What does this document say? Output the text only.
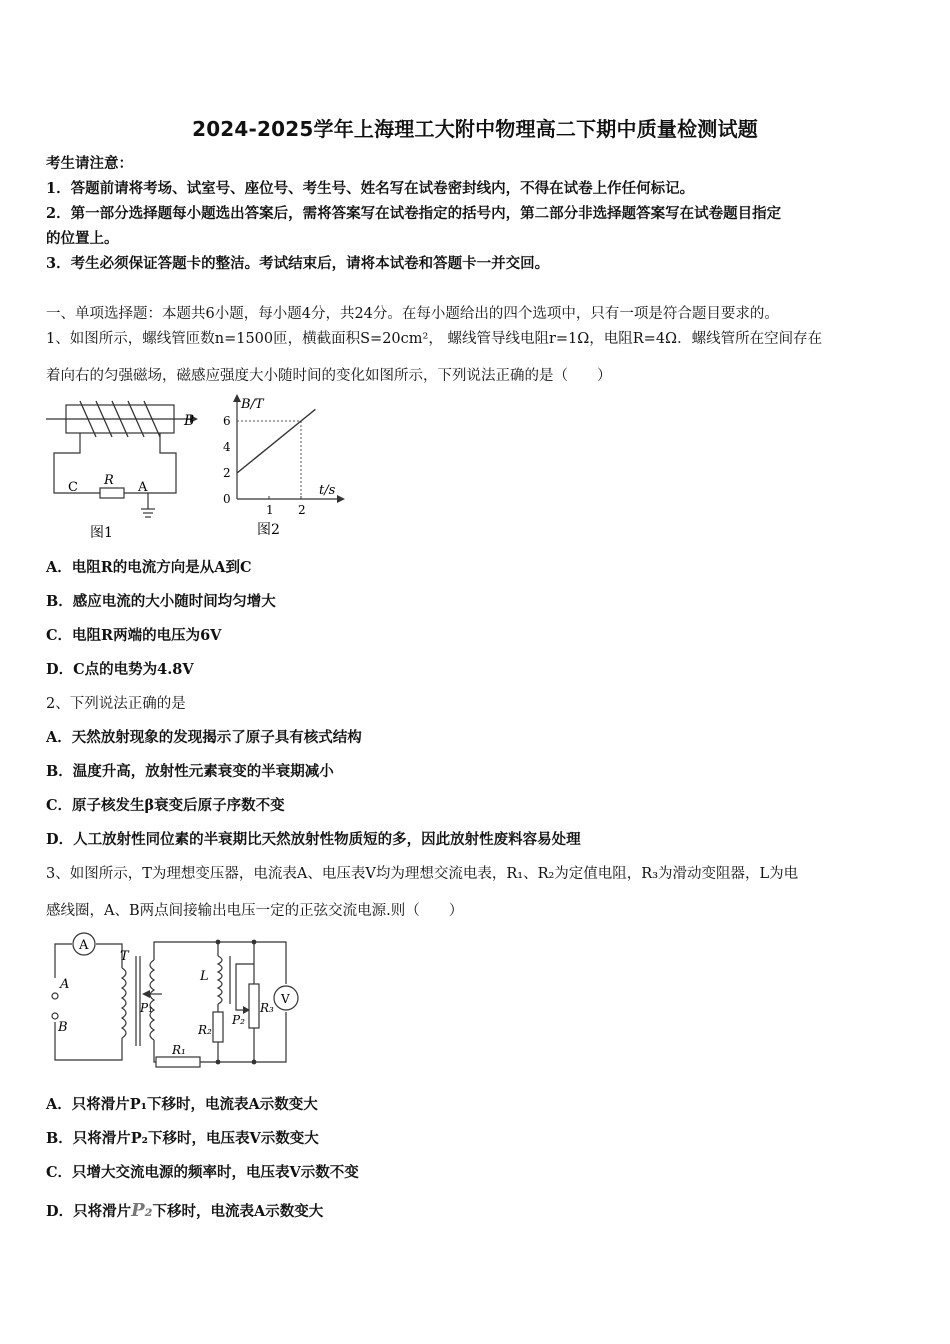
2024-2025学年上海理工大附中物理高二下期中质量检测试题
考生请注意：
1．答题前请将考场、试室号、座位号、考生号、姓名写在试卷密封线内，不得在试卷上作任何标记。
2．第一部分选择题每小题选出答案后，需将答案写在试卷指定的括号内，第二部分非选择题答案写在试卷题目指定
的位置上。
3．考生必须保证答题卡的整洁。考试结束后，请将本试卷和答题卡一并交回。
一、单项选择题：本题共6小题，每小题4分，共24分。在每小题给出的四个选项中，只有一项是符合题目要求的。
1、如图所示，螺线管匝数n=1500匝，横截面积S=20cm²， 螺线管导线电阻r=1Ω，电阻R=4Ω．螺线管所在空间存在
着向右的匀强磁场，磁感应强度大小随时间的变化如图所示，下列说法正确的是（　　）
B
R
C	A
图1
B/T
t/s
2
4
6
0
1 2
图2
A．电阻R的电流方向是从A到C
B．感应电流的大小随时间均匀增大
C．电阻R两端的电压为6V
D．C点的电势为4.8V
2、下列说法正确的是
A．天然放射现象的发现揭示了原子具有核式结构
B．温度升高，放射性元素衰变的半衰期减小
C．原子核发生β衰变后原子序数不变
D．人工放射性同位素的半衰期比天然放射性物质短的多，因此放射性废料容易处理
3、如图所示，T为理想变压器，电流表A、电压表V均为理想交流电表，R₁、R₂为定值电阻，R₃为滑动变阻器，L为电
感线圈，A、B两点间接输出电压一定的正弦交流电源.则（　　）
A
V
T
A
B
L
P₁
P₂
R₂
R₃
R₁
A．只将滑片P₁下移时，电流表A示数变大
B．只将滑片P₂下移时，电压表V示数变大
C．只增大交流电源的频率时，电压表V示数不变
D．只将滑片P₂下移时，电流表A示数变大
